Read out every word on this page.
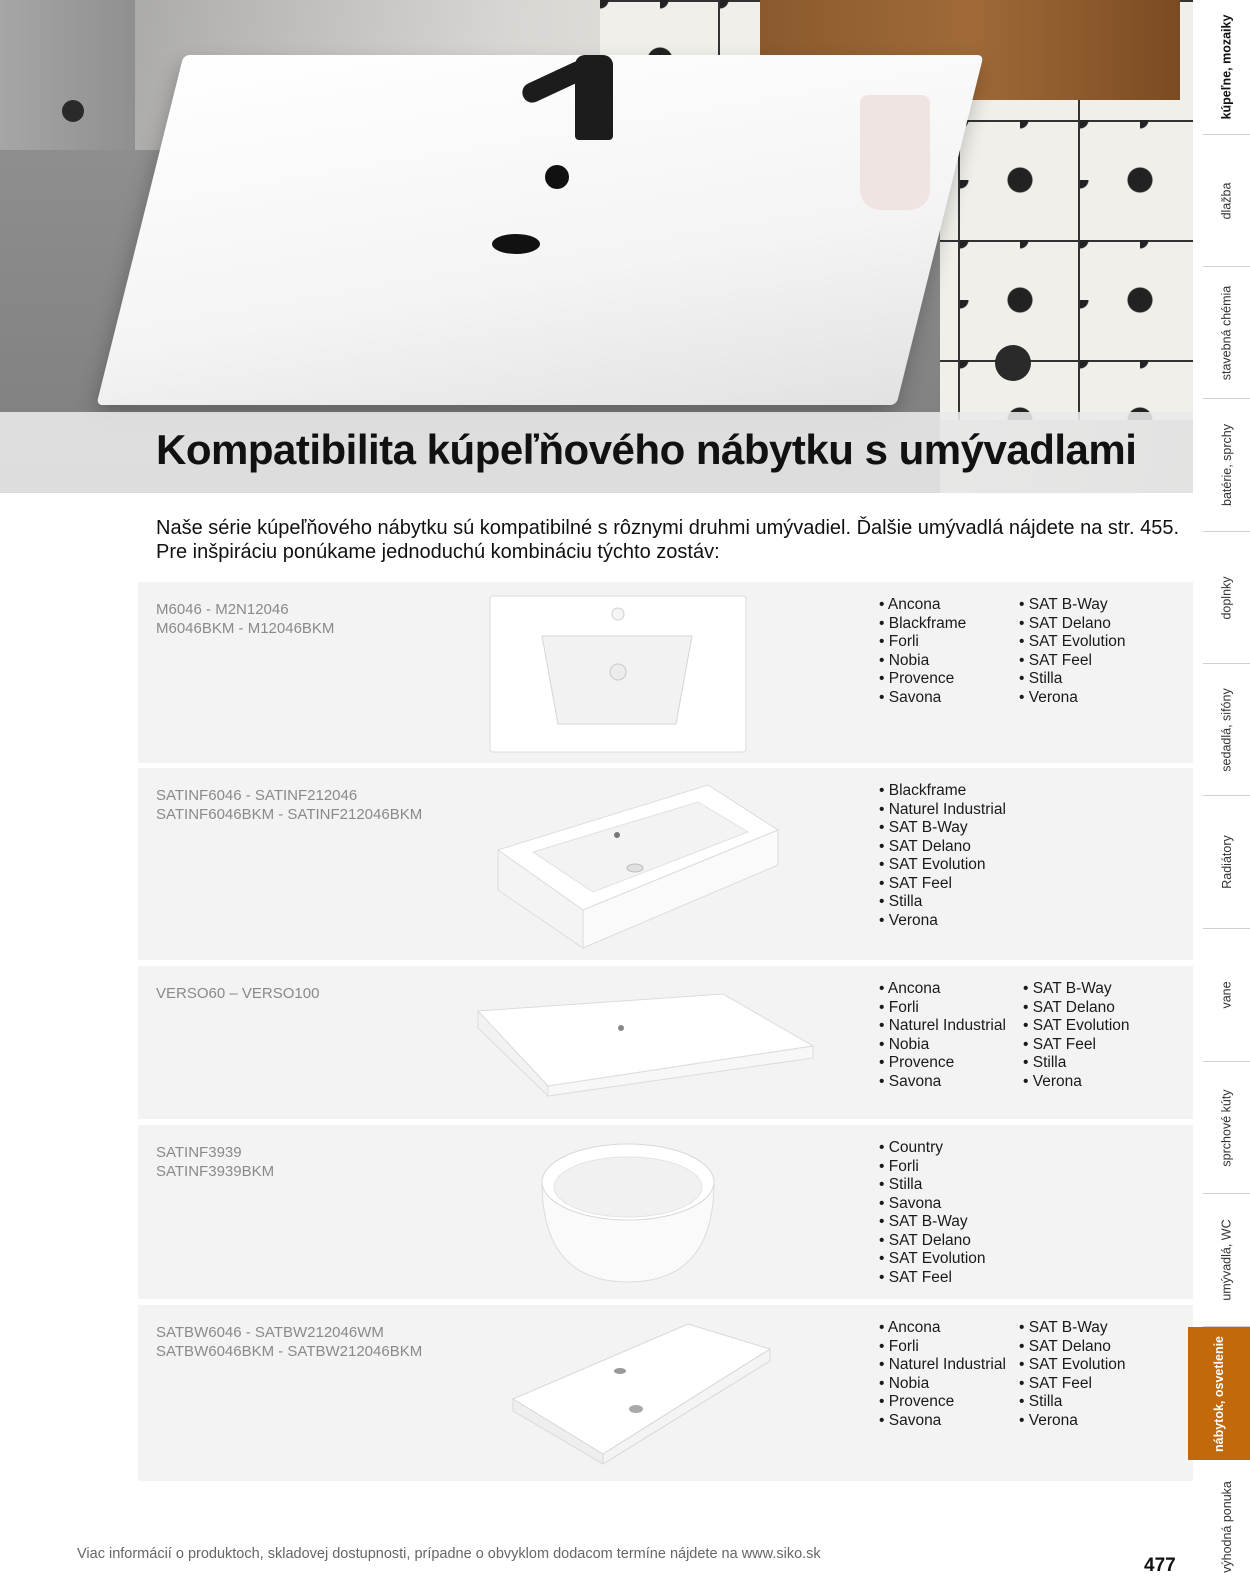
Kompatibilita kúpeľňového nábytku s umývadlami

Naše série kúpeľňového nábytku sú kompatibilné s rôznymi druhmi umývadiel. Ďalšie umývadlá nájdete na str. 455.

Pre inšpiráciu ponúkame jednoduchú kombináciu týchto zostáv:

M6046 - M2N12046
M6046BKM - M12046BKM
• Ancona
• Blackframe
• Forli
• Nobia
• Provence
• Savona
• SAT B-Way
• SAT Delano
• SAT Evolution
• SAT Feel
• Stilla
• Verona
SATINF6046 - SATINF212046
SATINF6046BKM - SATINF212046BKM
• Blackframe
• Naturel Industrial
• SAT B-Way
• SAT Delano
• SAT Evolution
• SAT Feel
• Stilla
• Verona
VERSO60 – VERSO100
•	Ancona
• Forli
• Naturel Industrial
• Nobia
• Provence
• Savona
• SAT B-Way
• SAT Delano
• SAT Evolution
• SAT Feel
• Stilla
• Verona
SATINF3939
SATINF3939BKM
• Country
• Forli
• Stilla
• Savona
• SAT B-Way
• SAT Delano
• SAT Evolution
• SAT Feel
SATBW6046 - SATBW212046WM
SATBW6046BKM - SATBW212046BKM
• Ancona
• Forli
• Naturel Industrial
• Nobia
• Provence
• Savona
• SAT B-Way
• SAT Delano
• SAT Evolution
• SAT Feel
• Stilla
• Verona
kúpeľne, mozaiky
dlažba
stavebná chémia
batérie, sprchy
doplnky
sedadlá, sifóny
Radiátory
vane
sprchové kúty
umývadlá, WC
nábytok, osvetlenie
výhodná ponuka
Viac informácií o produktoch, skladovej dostupnosti, prípadne o obvyklom dodacom termíne nájdete na www.siko.sk
477
